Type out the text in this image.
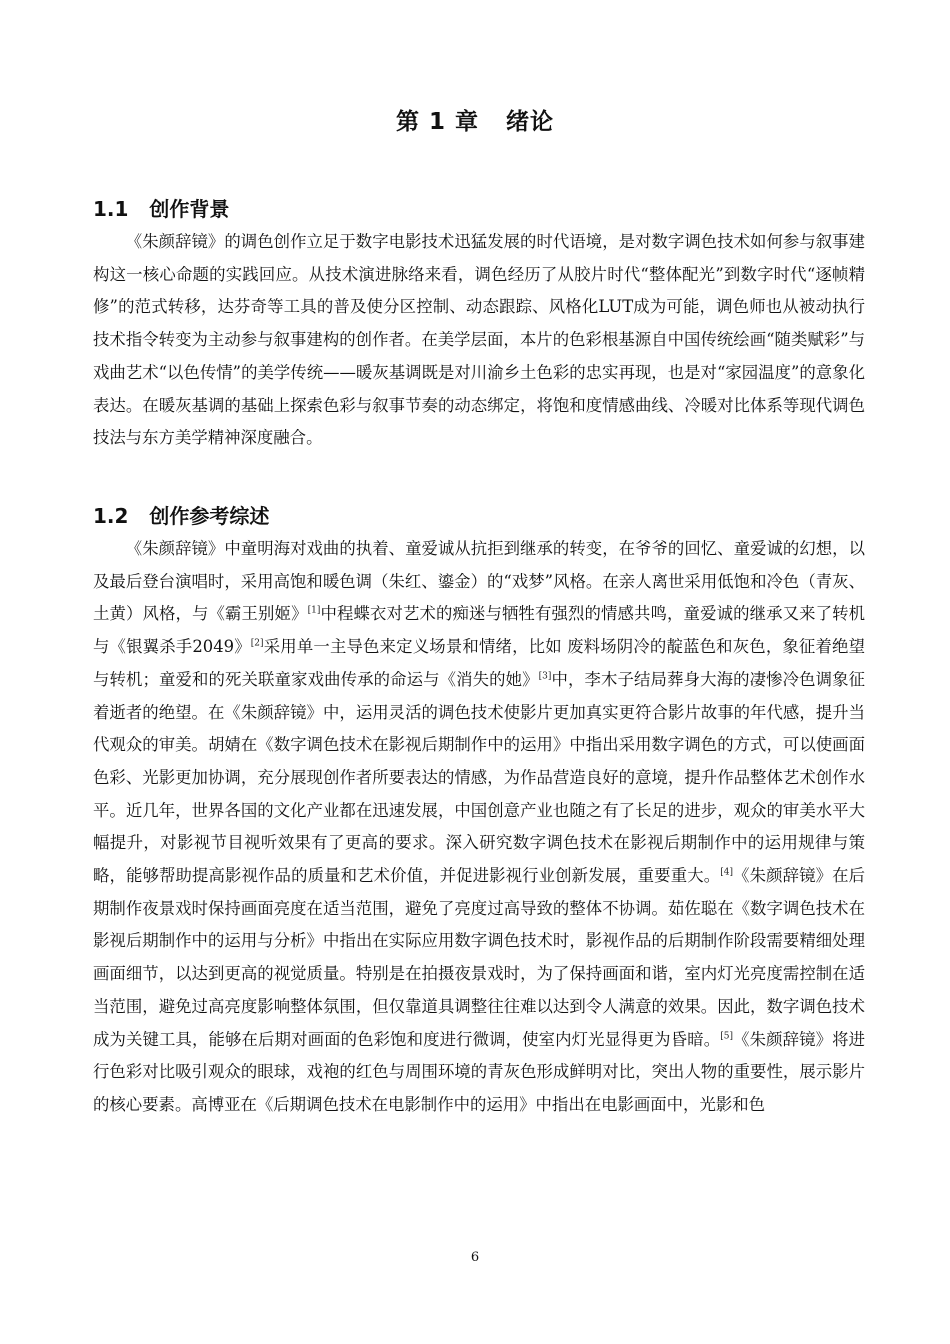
第 1 章   绪论
1.1   创作背景

《朱颜辞镜》的调色创作立足于数字电影技术迅猛发展的时代语境，是对数字调色技术如何参与叙事建构这一核心命题的实践回应。从技术演进脉络来看，调色经历了从胶片时代“整体配光”到数字时代“逐帧精修”的范式转移，达芬奇等工具的普及使分区控制、动态跟踪、风格化LUT成为可能，调色师也从被动执行技术指令转变为主动参与叙事建构的创作者。在美学层面，本片的色彩根基源自中国传统绘画“随类赋彩”与戏曲艺术“以色传情”的美学传统——暖灰基调既是对川渝乡土色彩的忠实再现，也是对“家园温度”的意象化表达。在暖灰基调的基础上探索色彩与叙事节奏的动态绑定，将饱和度情感曲线、冷暖对比体系等现代调色技法与东方美学精神深度融合。

1.2   创作参考综述

《朱颜辞镜》中童明海对戏曲的执着、童爱诚从抗拒到继承的转变，在爷爷的回忆、童爱诚的幻想，以及最后登台演唱时，采用高饱和暖色调（朱红、鎏金）的“戏梦”风格。在亲人离世采用低饱和冷色（青灰、土黄）风格，与《霸王别姬》[1]中程蝶衣对艺术的痴迷与牺牲有强烈的情感共鸣，童爱诚的继承又来了转机与《银翼杀手2049》[2]采用单一主导色来定义场景和情绪，比如 废料场阴冷的靛蓝色和灰色，象征着绝望与转机；童爱和的死关联童家戏曲传承的命运与《消失的她》[3]中，李木子结局葬身大海的凄惨冷色调象征着逝者的绝望。在《朱颜辞镜》中，运用灵活的调色技术使影片更加真实更符合影片故事的年代感，提升当代观众的审美。胡婧在《数字调色技术在影视后期制作中的运用》中指出采用数字调色的方式，可以使画面色彩、光影更加协调，充分展现创作者所要表达的情感，为作品营造良好的意境，提升作品整体艺术创作水平。近几年，世界各国的文化产业都在迅速发展，中国创意产业也随之有了长足的进步，观众的审美水平大幅提升，对影视节目视听效果有了更高的要求。深入研究数字调色技术在影视后期制作中的运用规律与策略，能够帮助提高影视作品的质量和艺术价值，并促进影视行业创新发展，重要重大。[4]《朱颜辞镜》在后期制作夜景戏时保持画面亮度在适当范围，避免了亮度过高导致的整体不协调。茹佐聪在《数字调色技术在影视后期制作中的运用与分析》中指出在实际应用数字调色技术时，影视作品的后期制作阶段需要精细处理画面细节，以达到更高的视觉质量。特别是在拍摄夜景戏时，为了保持画面和谐，室内灯光亮度需控制在适当范围，避免过高亮度影响整体氛围，但仅靠道具调整往往难以达到令人满意的效果。因此，数字调色技术成为关键工具，能够在后期对画面的色彩饱和度进行微调，使室内灯光显得更为昏暗。[5]《朱颜辞镜》将进行色彩对比吸引观众的眼球，戏袍的红色与周围环境的青灰色形成鲜明对比，突出人物的重要性，展示影片的核心要素。高博亚在《后期调色技术在电影制作中的运用》中指出在电影画面中，光影和色

6
